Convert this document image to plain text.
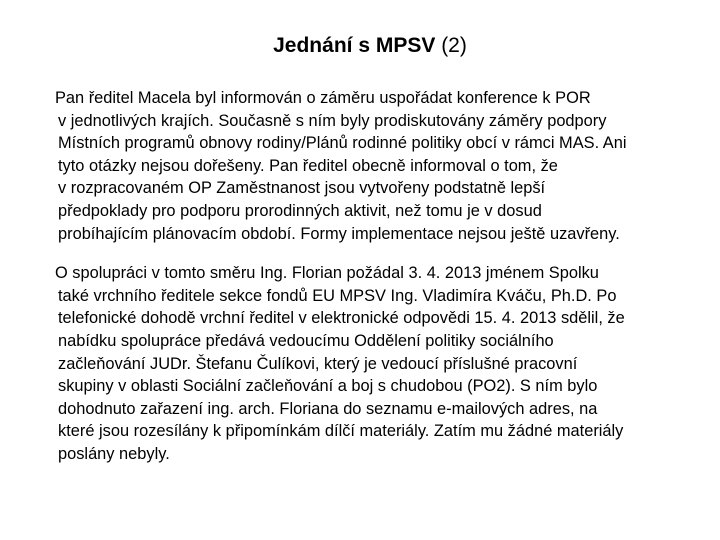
Jednání s MPSV (2)

Pan ředitel Macela byl informován o záměru uspořádat konference k POR
v jednotlivých krajích. Současně s ním byly prodiskutovány záměry podpory
Místních programů obnovy rodiny/Plánů rodinné politiky obcí v rámci MAS. Ani
tyto otázky nejsou dořešeny. Pan ředitel obecně informoval o tom, že
v rozpracovaném OP Zaměstnanost jsou vytvořeny podstatně lepší
předpoklady pro podporu prorodinných aktivit, než tomu je v dosud
probíhajícím plánovacím období. Formy implementace nejsou ještě uzavřeny.

O spolupráci v tomto směru Ing. Florian požádal 3. 4. 2013 jménem Spolku
také vrchního ředitele sekce fondů EU MPSV Ing. Vladimíra Kváču, Ph.D. Po
telefonické dohodě vrchní ředitel v elektronické odpovědi 15. 4. 2013 sdělil, že
nabídku spolupráce předává vedoucímu Oddělení politiky sociálního
začleňování JUDr. Štefanu Čulíkovi, který je vedoucí příslušné pracovní
skupiny v oblasti Sociální začleňování a boj s chudobou (PO2). S ním bylo
dohodnuto zařazení ing. arch. Floriana do seznamu e-mailových adres, na
které jsou rozesílány k připomínkám dílčí materiály. Zatím mu žádné materiály
poslány nebyly.
